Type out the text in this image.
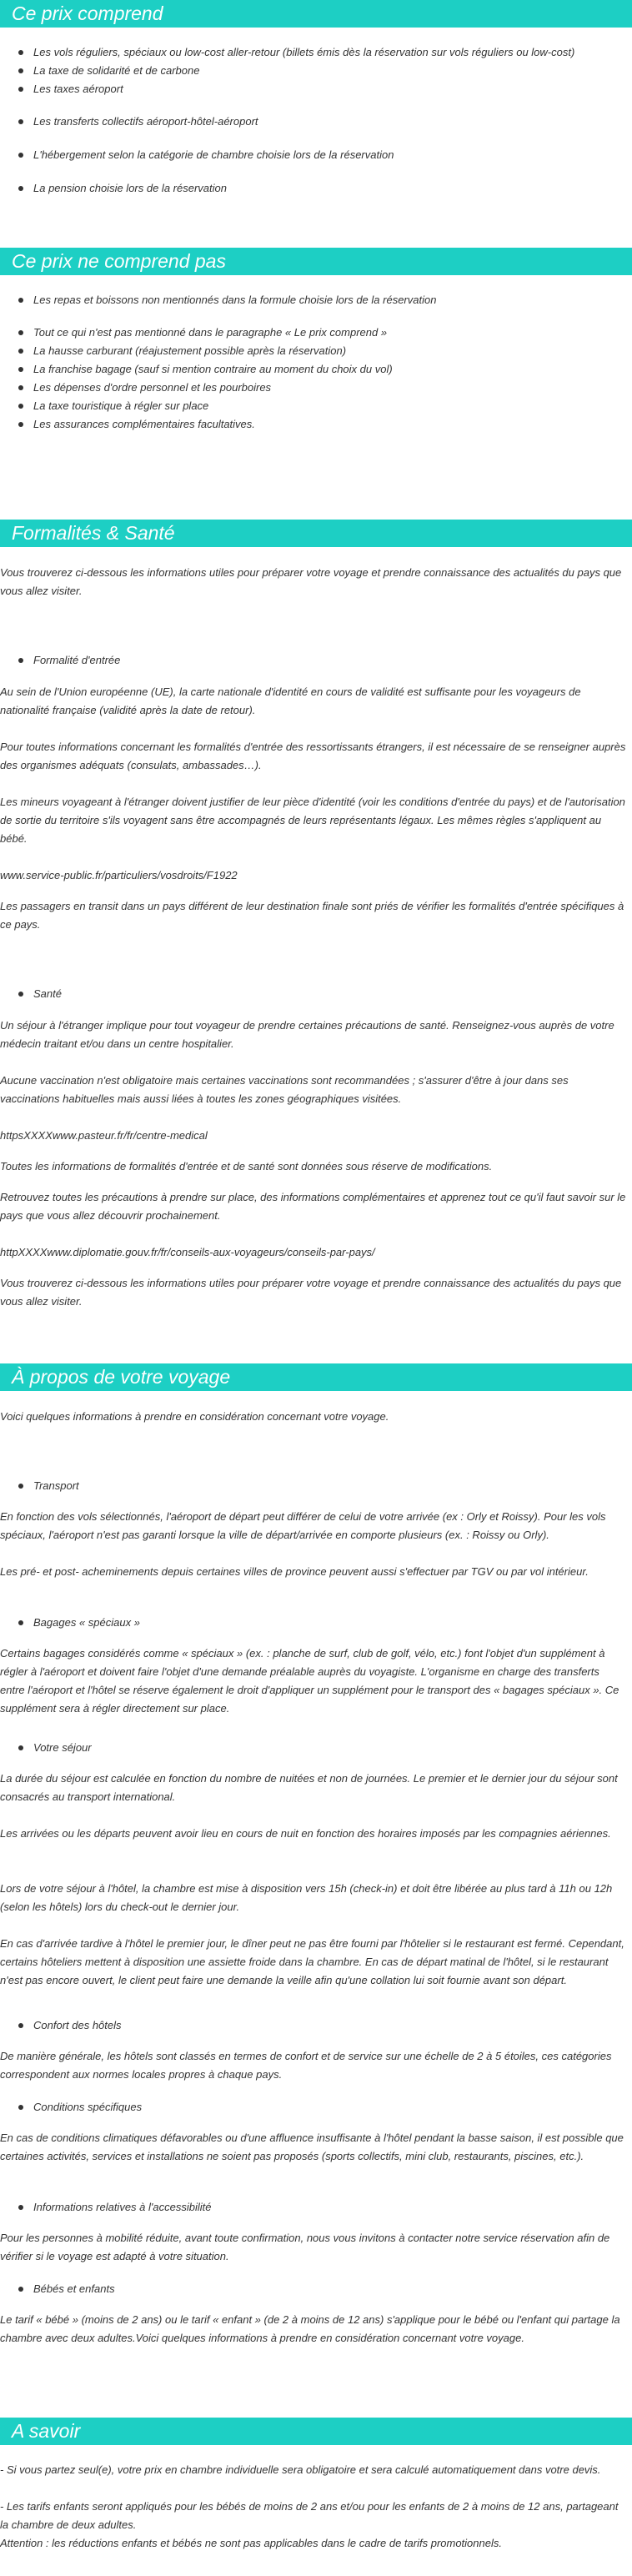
Ce prix comprend
Les vols réguliers, spéciaux ou low-cost aller-retour (billets émis dès la réservation sur vols réguliers ou low-cost)
La taxe de solidarité et de carbone
Les taxes aéroport
Les transferts collectifs aéroport-hôtel-aéroport
L'hébergement selon la catégorie de chambre choisie lors de la réservation
La pension choisie lors de la réservation
Ce prix ne comprend pas
Les repas et boissons non mentionnés dans la formule choisie lors de la réservation
Tout ce qui n'est pas mentionné dans le paragraphe « Le prix comprend »
La hausse carburant (réajustement possible après la réservation)
La franchise bagage (sauf si mention contraire au moment du choix du vol)
Les dépenses d'ordre personnel et les pourboires
La taxe touristique à régler sur place
Les assurances complémentaires facultatives.
Formalités & Santé
Vous trouverez ci-dessous les informations utiles pour préparer votre voyage et prendre connaissance des actualités du pays que vous allez visiter.
Formalité d'entrée
Au sein de l'Union européenne (UE), la carte nationale d'identité en cours de validité est suffisante pour les voyageurs de nationalité française (validité après la date de retour).
Pour toutes informations concernant les formalités d'entrée des ressortissants étrangers, il est nécessaire de se renseigner auprès des organismes adéquats (consulats, ambassades…).
Les mineurs voyageant à l'étranger doivent justifier de leur pièce d'identité (voir les conditions d'entrée du pays) et de l'autorisation de sortie du territoire s'ils voyagent sans être accompagnés de leurs représentants légaux. Les mêmes règles s'appliquent au bébé.
www.service-public.fr/particuliers/vosdroits/F1922
Les passagers en transit dans un pays différent de leur destination finale sont priés de vérifier les formalités d'entrée spécifiques à ce pays.
Santé
Un séjour à l'étranger implique pour tout voyageur de prendre certaines précautions de santé. Renseignez-vous auprès de votre médecin traitant et/ou dans un centre hospitalier.
Aucune vaccination n'est obligatoire mais certaines vaccinations sont recommandées ; s'assurer d'être à jour dans ses vaccinations habituelles mais aussi liées à toutes les zones géographiques visitées.
httpsXXXXwww.pasteur.fr/fr/centre-medical
Toutes les informations de formalités d'entrée et de santé sont données sous réserve de modifications.
Retrouvez toutes les précautions à prendre sur place, des informations complémentaires et apprenez tout ce qu'il faut savoir sur le pays que vous allez découvrir prochainement.
httpXXXXwww.diplomatie.gouv.fr/fr/conseils-aux-voyageurs/conseils-par-pays/
Vous trouverez ci-dessous les informations utiles pour préparer votre voyage et prendre connaissance des actualités du pays que vous allez visiter.
À propos de votre voyage
Voici quelques informations à prendre en considération concernant votre voyage.
Transport
En fonction des vols sélectionnés, l'aéroport de départ peut différer de celui de votre arrivée (ex : Orly et Roissy). Pour les vols spéciaux, l'aéroport n'est pas garanti lorsque la ville de départ/arrivée en comporte plusieurs (ex. : Roissy ou Orly).
Les pré- et post- acheminements depuis certaines villes de province peuvent aussi s'effectuer par TGV ou par vol intérieur.
Bagages « spéciaux »
Certains bagages considérés comme « spéciaux » (ex. : planche de surf, club de golf, vélo, etc.) font l'objet d'un supplément à régler à l'aéroport et doivent faire l'objet d'une demande préalable auprès du voyagiste. L'organisme en charge des transferts entre l'aéroport et l'hôtel se réserve également le droit d'appliquer un supplément pour le transport des « bagages spéciaux ». Ce supplément sera à régler directement sur place.
Votre séjour
La durée du séjour est calculée en fonction du nombre de nuitées et non de journées. Le premier et le dernier jour du séjour sont consacrés au transport international.
Les arrivées ou les départs peuvent avoir lieu en cours de nuit en fonction des horaires imposés par les compagnies aériennes.
Lors de votre séjour à l'hôtel, la chambre est mise à disposition vers 15h (check-in) et doit être libérée au plus tard à 11h ou 12h (selon les hôtels) lors du check-out le dernier jour.
En cas d'arrivée tardive à l'hôtel le premier jour, le dîner peut ne pas être fourni par l'hôtelier si le restaurant est fermé. Cependant, certains hôteliers mettent à disposition une assiette froide dans la chambre. En cas de départ matinal de l'hôtel, si le restaurant n'est pas encore ouvert, le client peut faire une demande la veille afin qu'une collation lui soit fournie avant son départ.
Confort des hôtels
De manière générale, les hôtels sont classés en termes de confort et de service sur une échelle de 2 à 5 étoiles, ces catégories correspondent aux normes locales propres à chaque pays.
Conditions spécifiques
En cas de conditions climatiques défavorables ou d'une affluence insuffisante à l'hôtel pendant la basse saison, il est possible que certaines activités, services et installations ne soient pas proposés (sports collectifs, mini club, restaurants, piscines, etc.).
Informations relatives à l'accessibilité
Pour les personnes à mobilité réduite, avant toute confirmation, nous vous invitons à contacter notre service réservation afin de vérifier si le voyage est adapté à votre situation.
Bébés et enfants
Le tarif « bébé » (moins de 2 ans) ou le tarif « enfant » (de 2 à moins de 12 ans) s'applique pour le bébé ou l'enfant qui partage la chambre avec deux adultes.Voici quelques informations à prendre en considération concernant votre voyage.
A savoir
- Si vous partez seul(e), votre prix en chambre individuelle sera obligatoire et sera calculé automatiquement dans votre devis.
- Les tarifs enfants seront appliqués pour les bébés de moins de 2 ans et/ou pour les enfants de 2 à moins de 12 ans, partageant la chambre de deux adultes.
Attention : les réductions enfants et bébés ne sont pas applicables dans le cadre de tarifs promotionnels.
